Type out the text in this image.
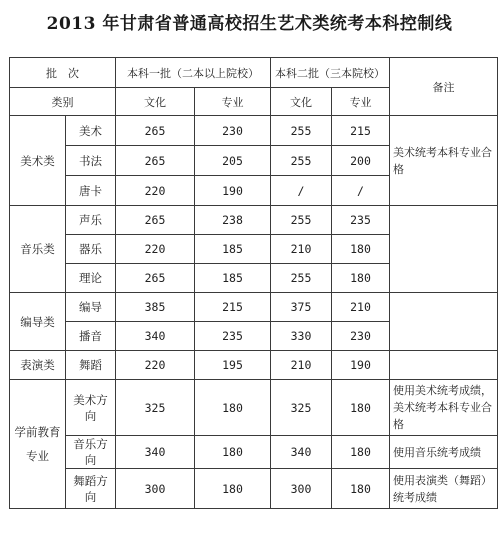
2013 年甘肃省普通高校招生艺术类统考本科控制线
批　次		本科一批（二本以上院校）		本科二批（三本院校）		备注
类别		文化	专业	文化	专业	
美术类	美术	265	230	255	215	美术统考本科专业合格
	书法	265	205	255	200	
	唐卡	220	190	/	/	
音乐类	声乐	265	238	255	235	
	器乐	220	185	210	180	
	理论	265	185	255	180	
编导类	编导	385	215	375	210	
	播音	340	235	330	230	
表演类	舞蹈	220	195	210	190	
学前教育专业	美术方向	325	180	325	180	使用美术统考成绩，美术统考本科专业合格
	音乐方向	340	180	340	180	使用音乐统考成绩
	舞蹈方向	300	180	300	180	使用表演类（舞蹈）统考成绩
